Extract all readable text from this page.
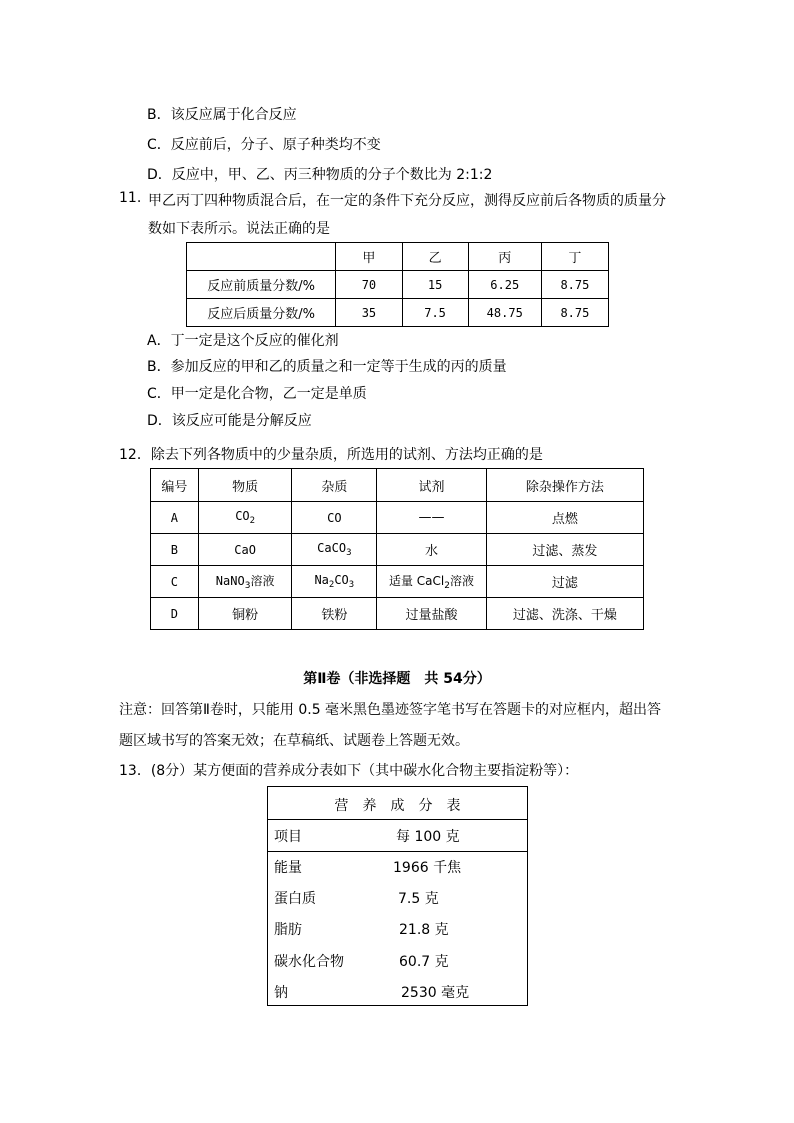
B．该反应属于化合反应
C．反应前后，分子、原子种类均不变
D．反应中，甲、乙、丙三种物质的分子个数比为 2:1:2
11. 甲乙丙丁四种物质混合后，在一定的条件下充分反应，测得反应前后各物质的质量分
数如下表所示。说法正确的是
	甲	乙	丙	丁
反应前质量分数/%	70	15	6.25	8.75
反应后质量分数/%	35	7.5	48.75	8.75
A．丁一定是这个反应的催化剂
B．参加反应的甲和乙的质量之和一定等于生成的丙的质量
C．甲一定是化合物，乙一定是单质
D．该反应可能是分解反应
12．除去下列各物质中的少量杂质，所选用的试剂、方法均正确的是
编号	物质	杂质	试剂	除杂操作方法
A	$CO_2$	CO	——	点燃
B	CaO	CaCO$_3$	水	过滤、蒸发
C	NaNO$_3$溶液	$Na_2CO_3$	适量 CaCl$_2$溶液	过滤
D	铜粉	铁粉	过量盐酸	过滤、洗涤、干燥
第Ⅱ卷（非选择题　共 54分）
注意：回答第Ⅱ卷时，只能用 0.5 毫米黑色墨迹签字笔书写在答题卡的对应框内，超出答
题区域书写的答案无效；在草稿纸、试题卷上答题无效。
13．(8分）某方便面的营养成分表如下（其中碳水化合物主要指淀粉等）：
营　养　成　分　表
项目	每 100 克
能量	1966 千焦
蛋白质	7.5 克
脂肪	21.8 克
碳水化合物	60.7 克
钠	2530 毫克
